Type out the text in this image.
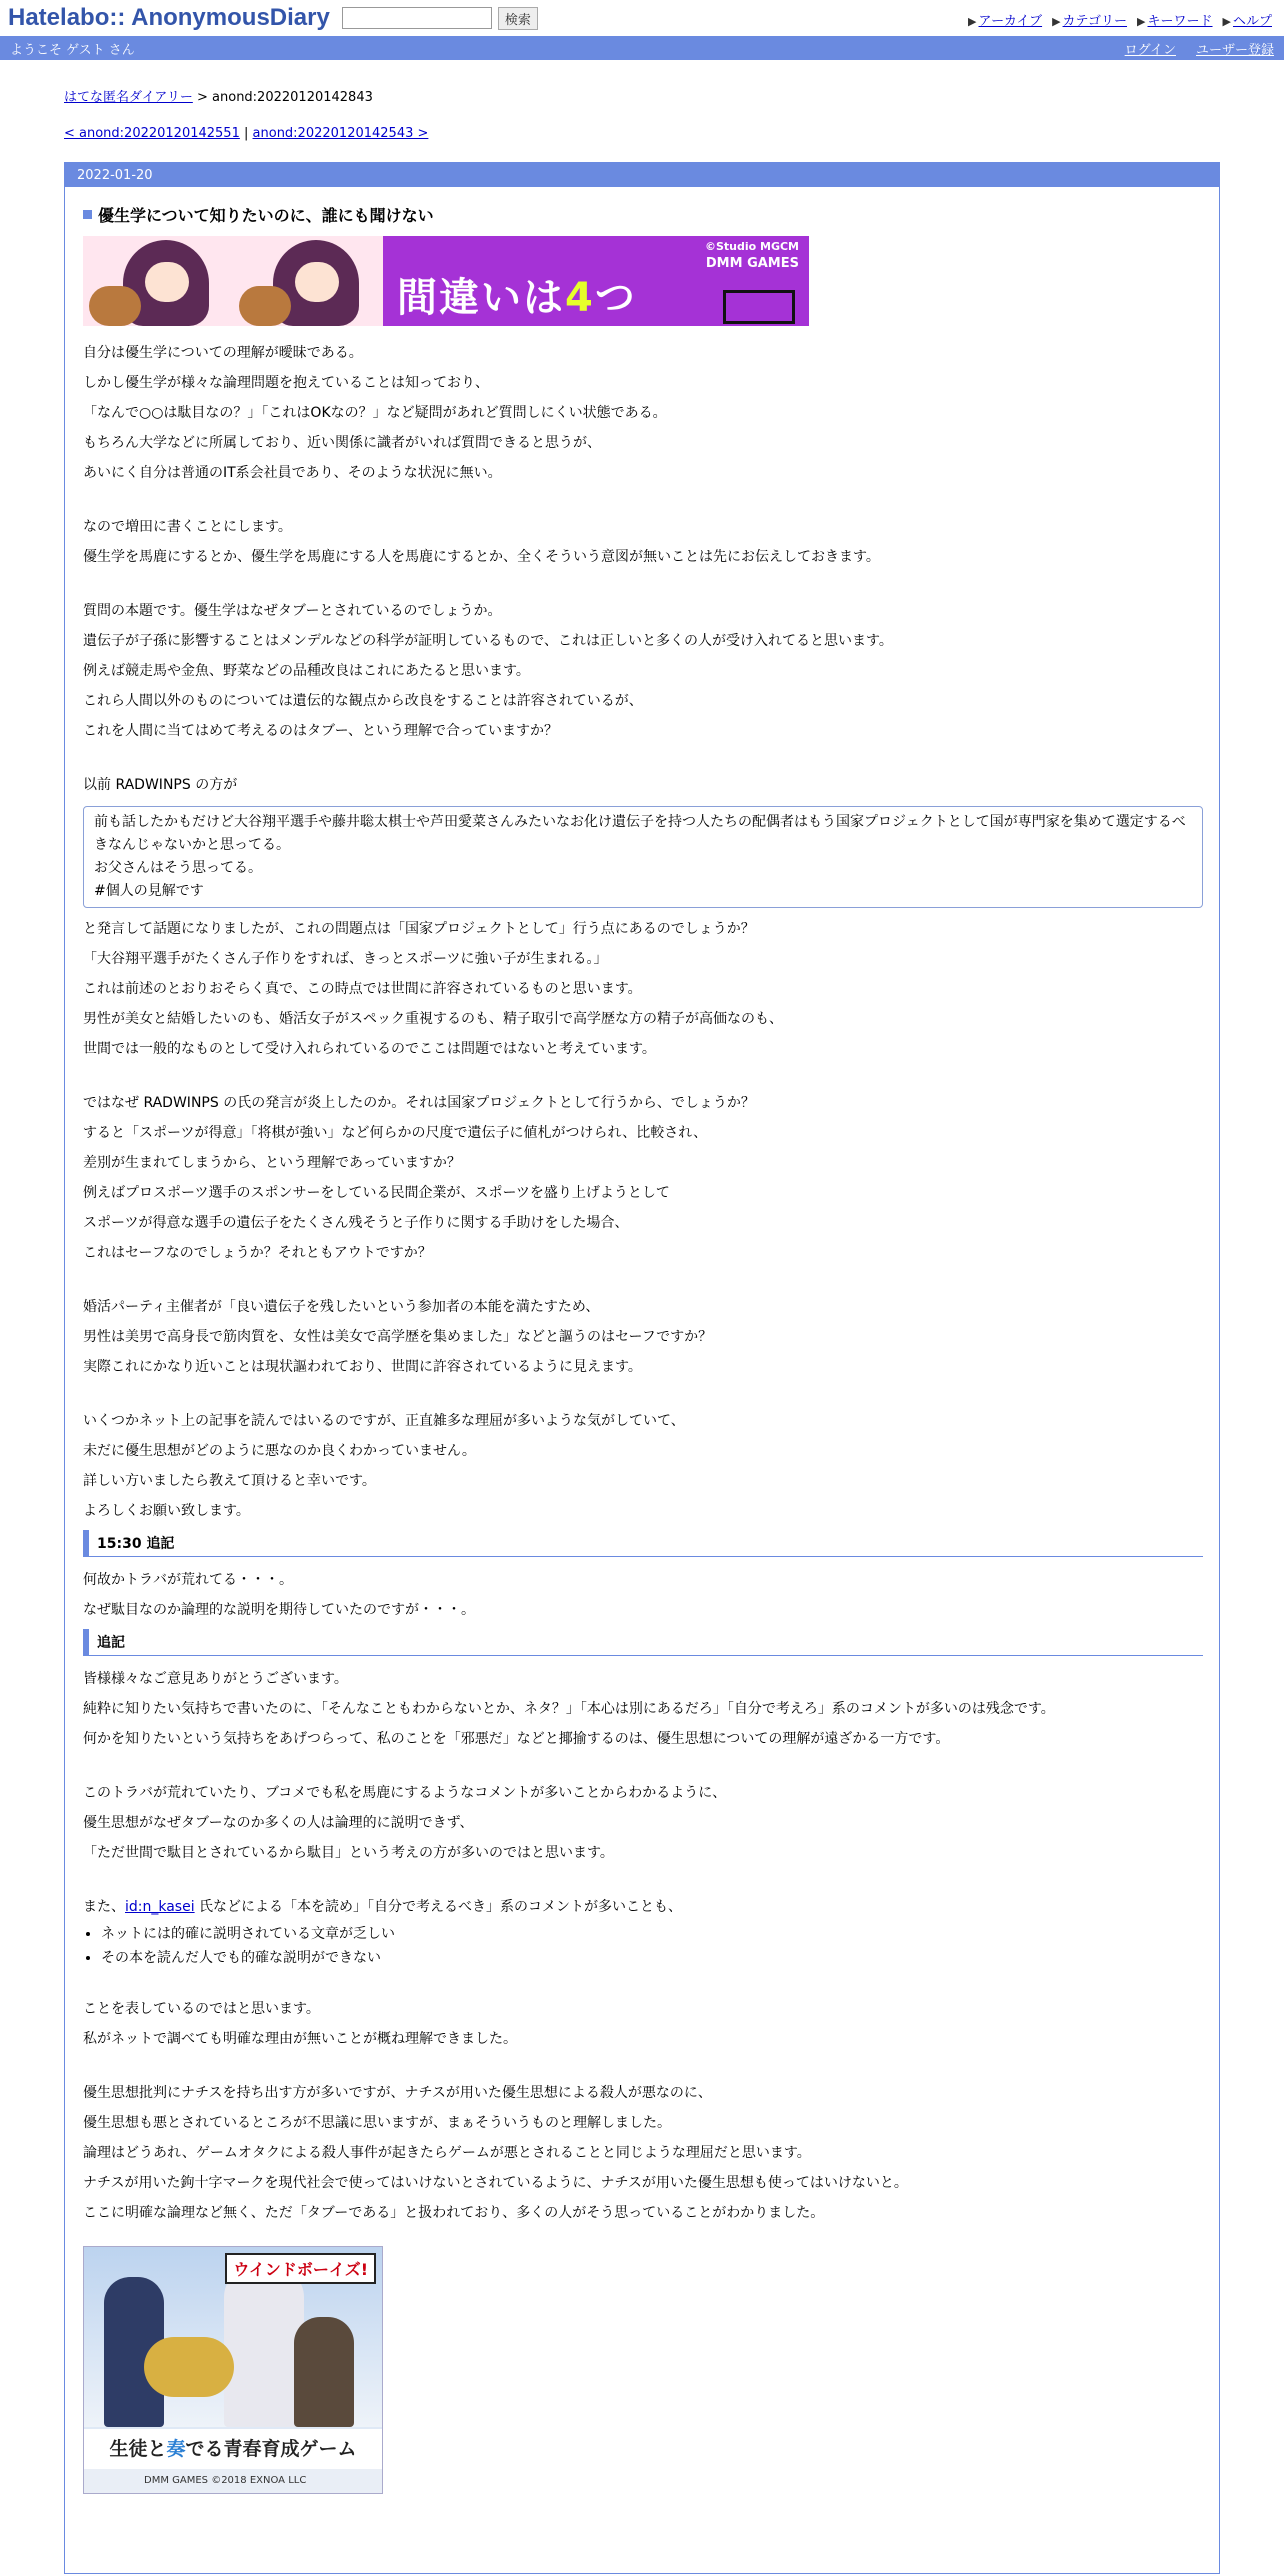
Hatelabo:: AnonymousDiary	検索	▶ アーカイブ ▶ カテゴリー ▶ キーワード ▶ ヘルプ
ようこそ ゲスト さん	ログイン ユーザー登録
はてな匿名ダイアリー > anond:20220120142843
< anond:20220120142551 | anond:20220120142543 >
2022-01-20
優生学について知りたいのに、誰にも聞けない
©Studio MGCM
DMM GAMES
間違いは4つ

自分は優生学についての理解が曖昧である。

しかし優生学が様々な論理問題を抱えていることは知っており、

「なんで○○は駄目なの？」「これはOKなの？」など疑問があれど質問しにくい状態である。

もちろん大学などに所属しており、近い関係に識者がいれば質問できると思うが、

あいにく自分は普通のIT系会社員であり、そのような状況に無い。

なので増田に書くことにします。

優生学を馬鹿にするとか、優生学を馬鹿にする人を馬鹿にするとか、全くそういう意図が無いことは先にお伝えしておきます。

質問の本題です。優生学はなぜタブーとされているのでしょうか。

遺伝子が子孫に影響することはメンデルなどの科学が証明しているもので、これは正しいと多くの人が受け入れてると思います。

例えば競走馬や金魚、野菜などの品種改良はこれにあたると思います。

これら人間以外のものについては遺伝的な観点から改良をすることは許容されているが、

これを人間に当てはめて考えるのはタブー、という理解で合っていますか？

以前 RADWINPS の方が

前も話したかもだけど大谷翔平選手や藤井聡太棋士や芦田愛菜さんみたいなお化け遺伝子を持つ人たちの配偶者はもう国家プロジェクトとして国が専門家を集めて選定するべきなんじゃないかと思ってる。

お父さんはそう思ってる。

#個人の見解です

と発言して話題になりましたが、これの問題点は「国家プロジェクトとして」行う点にあるのでしょうか？

「大谷翔平選手がたくさん子作りをすれば、きっとスポーツに強い子が生まれる。」

これは前述のとおりおそらく真で、この時点では世間に許容されているものと思います。

男性が美女と結婚したいのも、婚活女子がスペック重視するのも、精子取引で高学歴な方の精子が高価なのも、

世間では一般的なものとして受け入れられているのでここは問題ではないと考えています。

ではなぜ RADWINPS の氏の発言が炎上したのか。それは国家プロジェクトとして行うから、でしょうか？

すると「スポーツが得意」「将棋が強い」など何らかの尺度で遺伝子に値札がつけられ、比較され、

差別が生まれてしまうから、という理解であっていますか？

例えばプロスポーツ選手のスポンサーをしている民間企業が、スポーツを盛り上げようとして

スポーツが得意な選手の遺伝子をたくさん残そうと子作りに関する手助けをした場合、

これはセーフなのでしょうか？それともアウトですか？

婚活パーティ主催者が「良い遺伝子を残したいという参加者の本能を満たすため、

男性は美男で高身長で筋肉質を、女性は美女で高学歴を集めました」などと謳うのはセーフですか？

実際これにかなり近いことは現状謳われており、世間に許容されているように見えます。

いくつかネット上の記事を読んではいるのですが、正直雑多な理屈が多いような気がしていて、

未だに優生思想がどのように悪なのか良くわかっていません。

詳しい方いましたら教えて頂けると幸いです。

よろしくお願い致します。

15:30 追記

何故かトラバが荒れてる・・・。

なぜ駄目なのか論理的な説明を期待していたのですが・・・。

追記

皆様様々なご意見ありがとうございます。

純粋に知りたい気持ちで書いたのに、「そんなこともわからないとか、ネタ？」「本心は別にあるだろ」「自分で考えろ」系のコメントが多いのは残念です。

何かを知りたいという気持ちをあげつらって、私のことを「邪悪だ」などと揶揄するのは、優生思想についての理解が遠ざかる一方です。

このトラバが荒れていたり、ブコメでも私を馬鹿にするようなコメントが多いことからわかるように、

優生思想がなぜタブーなのか多くの人は論理的に説明できず、

「ただ世間で駄目とされているから駄目」という考えの方が多いのではと思います。

また、id:n_kasei 氏などによる「本を読め」「自分で考えるべき」系のコメントが多いことも、

• ネットには的確に説明されている文章が乏しい
• その本を読んだ人でも的確な説明ができない

ことを表しているのではと思います。

私がネットで調べても明確な理由が無いことが概ね理解できました。

優生思想批判にナチスを持ち出す方が多いですが、ナチスが用いた優生思想による殺人が悪なのに、

優生思想も悪とされているところが不思議に思いますが、まぁそういうものと理解しました。

論理はどうあれ、ゲームオタクによる殺人事件が起きたらゲームが悪とされることと同じような理屈だと思います。

ナチスが用いた鉤十字マークを現代社会で使ってはいけないとされているように、ナチスが用いた優生思想も使ってはいけないと。

ここに明確な論理など無く、ただ「タブーである」と扱われており、多くの人がそう思っていることがわかりました。

ウインドボーイズ!
生徒と奏でる青春育成ゲーム
DMM GAMES ©2018 EXNOA LLC
